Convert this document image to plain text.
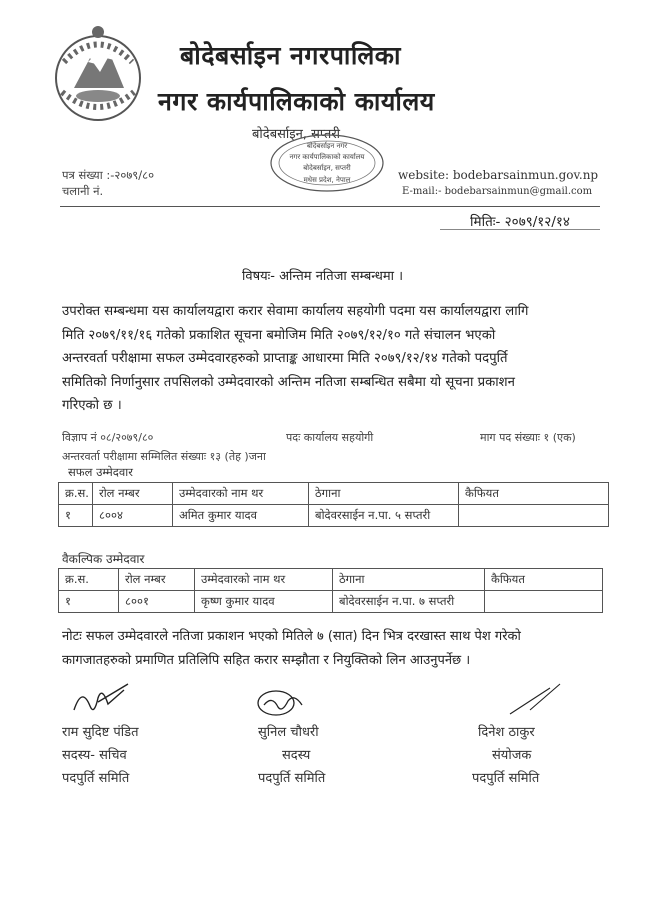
बोदेबर्साइन नगरपालिका
नगर कार्यपालिकाको कार्यालय
बोदेबर्साइन, सप्तरी
बोदेबर्साइन नगर
नगर कार्यपालिकाको कार्यालय
बोदेबर्साइन, सप्तरी
मधेस प्रदेश, नेपाल
पत्र संख्या :-२०७९/८०
चलानी नं.
website: bodebarsainmun.gov.np
E-mail:- bodebarsainmun@gmail.com
मितिः- २०७९/१२/१४
विषयः- अन्तिम नतिजा सम्बन्धमा ।
उपरोक्त सम्बन्धमा यस कार्यालयद्वारा करार सेवामा कार्यालय सहयोगी पदमा यस कार्यालयद्वारा लागि
मिति २०७९/११/१६ गतेको प्रकाशित सूचना बमोजिम मिति २०७९/१२/१० गते संचालन भएको
अन्तरवर्ता परीक्षामा सफल उम्मेदवारहरुको प्राप्ताङ्क आधारमा मिति २०७९/१२/१४ गतेको पदपुर्ति
समितिको निर्णानुसार तपसिलको उम्मेदवारको अन्तिम नतिजा सम्बन्धित सबैमा यो सूचना प्रकाशन
गरिएको छ ।
विज्ञाप नं ०८/२०७९/८०	पदः कार्यालय सहयोगी	माग पद संख्याः १ (एक)
अन्तरवर्ता परीक्षामा सम्मिलित संख्याः १३ (तेह )जना
सफल उम्मेदवार
क्र.स.	रोल नम्बर	उम्मेदवारको नाम थर	ठेगाना	कैफियत
१	८००४	अमित कुमार यादव	बोदेवरसाईन न.पा. ५ सप्तरी	
वैकल्पिक उम्मेदवार
क्र.स.	रोल नम्बर	उम्मेदवारको नाम थर	ठेगाना	कैफियत
१	८००१	कृष्ण कुमार यादव	बोदेवरसाईन न.पा. ७ सप्तरी	
नोटः सफल उम्मेदवारले नतिजा प्रकाशन भएको मितिले ७ (सात) दिन भित्र दरखास्त साथ पेश गरेको
कागजातहरुको प्रमाणित प्रतिलिपि सहित करार सम्झौता र नियुक्तिको लिन आउनुपर्नेछ ।
राम सुदिष्ट पंडित	सुनिल चौधरी	दिनेश ठाकुर
सदस्य- सचिव	सदस्य	संयोजक
पदपुर्ति समिति	पदपुर्ति समिति	पदपुर्ति समिति
